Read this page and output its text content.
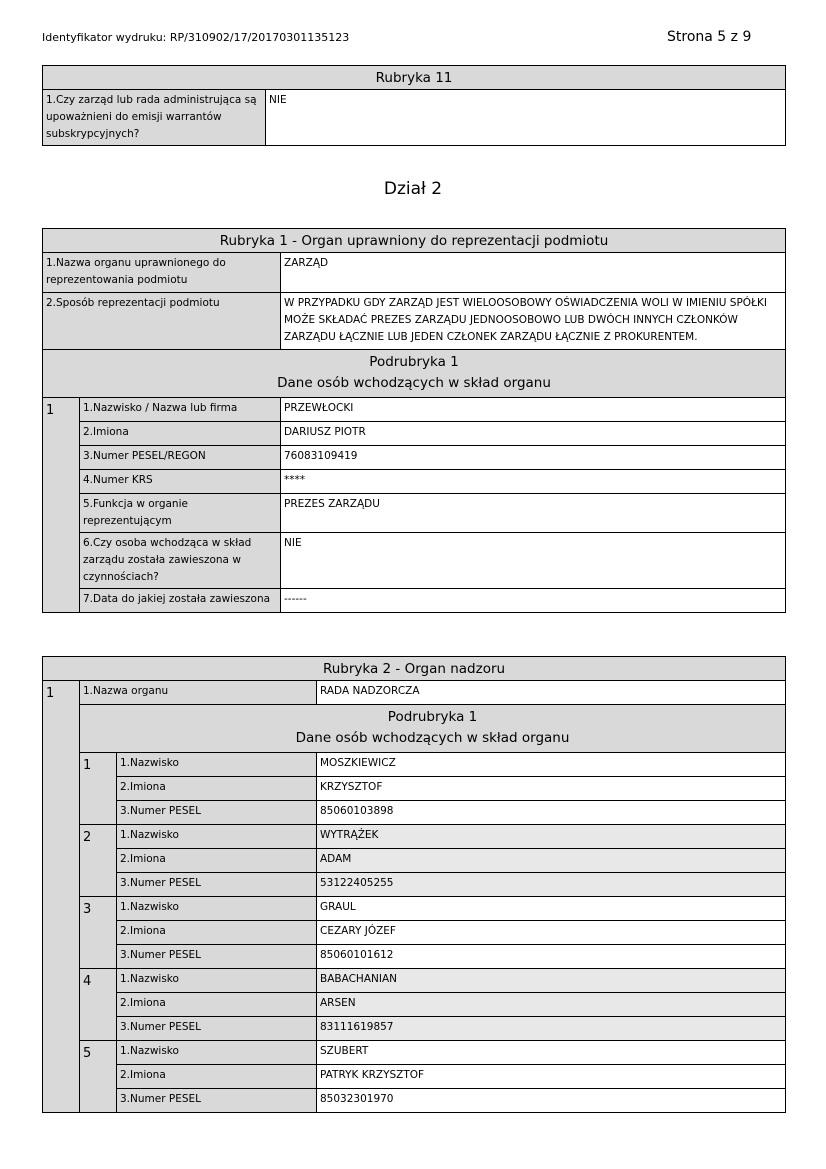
Identyfikator wydruku: RP/310902/17/20170301135123	Strona 5 z 9
Rubryka 11
1.Czy zarząd lub rada administrująca są upoważnieni do emisji warrantów subskrypcyjnych?	NIE
Dział 2
Rubryka 1 - Organ uprawniony do reprezentacji podmiotu		
1.Nazwa organu uprawnionego do reprezentowania podmiotu		ZARZĄD
2.Sposób reprezentacji podmiotu		W PRZYPADKU GDY ZARZĄD JEST WIELOOSOBOWY OŚWIADCZENIA WOLI W IMIENIU SPÓŁKI MOŻE SKŁADAĆ PREZES ZARZĄDU JEDNOOSOBOWO LUB DWÓCH INNYCH CZŁONKÓW ZARZĄDU ŁĄCZNIE LUB JEDEN CZŁONEK ZARZĄDU ŁĄCZNIE Z PROKURENTEM.

Podrubryka 1
Dane osób wchodzących w skład organu		

1	1.Nazwisko / Nazwa lub firma	PRZEWŁOCKI
	2.Imiona	DARIUSZ PIOTR
	3.Numer PESEL/REGON	76083109419
	4.Numer KRS	****
	5.Funkcja w organie reprezentującym	PREZES ZARZĄDU
	6.Czy osoba wchodząca w skład zarządu została zawieszona w czynnościach?	NIE
	7.Data do jakiej została zawieszona	------
Rubryka 2 - Organ nadzoru			
1	1.Nazwa organu		RADA NADZORCZA

	Podrubryka 1
Dane osób wchodzących w skład organu		

	1	1.Nazwisko	MOSZKIEWICZ
		2.Imiona	KRZYSZTOF
		3.Numer PESEL	85060103898
	2	1.Nazwisko	WYTRĄŻEK
		2.Imiona	ADAM
		3.Numer PESEL	53122405255
	3	1.Nazwisko	GRAUL
		2.Imiona	CEZARY JÓZEF
		3.Numer PESEL	85060101612
	4	1.Nazwisko	BABACHANIAN
		2.Imiona	ARSEN
		3.Numer PESEL	83111619857
	5	1.Nazwisko	SZUBERT
		2.Imiona	PATRYK KRZYSZTOF
		3.Numer PESEL	85032301970
